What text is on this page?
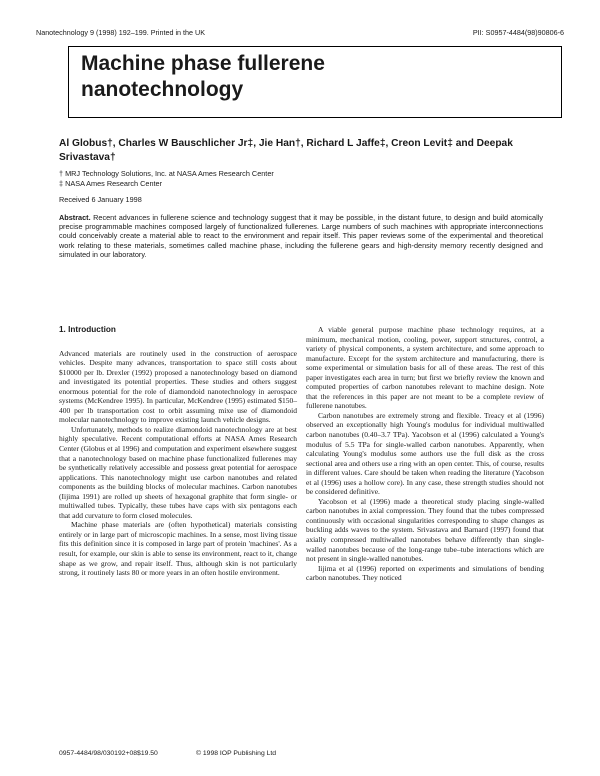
Nanotechnology 9 (1998) 192–199. Printed in the UK	PII: S0957-4484(98)90806-6
Machine phase fullerene
nanotechnology
Al Globus†, Charles W Bauschlicher Jr‡, Jie Han†, Richard L Jaffe‡, Creon Levit‡ and Deepak Srivastava†
† MRJ Technology Solutions, Inc. at NASA Ames Research Center
‡ NASA Ames Research Center
Received 6 January 1998
Abstract. Recent advances in fullerene science and technology suggest that it may be possible, in the distant future, to design and build atomically precise programmable machines composed largely of functionalized fullerenes. Large numbers of such machines with appropriate interconnections could conceivably create a material able to react to the environment and repair itself. This paper reviews some of the experimental and theoretical work relating to these materials, sometimes called machine phase, including the fullerene gears and high-density memory recently designed and simulated in our laboratory.
1. Introduction

Advanced materials are routinely used in the construction of aerospace vehicles. Despite many advances, transportation to space still costs about $10000 per lb. Drexler (1992) proposed a nanotechnology based on diamond and investigated its potential properties. These studies and others suggest enormous potential for the role of diamondoid nanotechnology in aerospace systems (McKendree 1995). In particular, McKendree (1995) estimated $150–400 per lb transportation cost to orbit assuming mixe use of diamondoid molecular nanotechnology to improve existing launch vehicle designs.

Unfortunately, methods to realize diamondoid nanotechnology are at best highly speculative. Recent computational efforts at NASA Ames Research Center (Globus et al 1996) and computation and experiment elsewhere suggest that a nanotechnology based on machine phase functionalized fullerenes may be synthetically relatively accessible and possess great potential for aerospace applications. This nanotechnology might use carbon nanotubes and related components as the building blocks of molecular machines. Carbon nanotubes (Iijima 1991) are rolled up sheets of hexagonal graphite that form single- or multiwalled tubes. Typically, these tubes have caps with six pentagons each that add curvature to form closed molecules.

Machine phase materials are (often hypothetical) materials consisting entirely or in large part of microscopic machines. In a sense, most living tissue fits this definition since it is composed in large part of protein 'machines'. As a result, for example, our skin is able to sense its environment, react to it, change shape as we grow, and repair itself. Thus, although skin is not particularly strong, it routinely lasts 80 or more years in an often hostile environment.

A viable general purpose machine phase technology requires, at a minimum, mechanical motion, cooling, power, support structures, control, a variety of physical components, a system architecture, and some approach to manufacture. Except for the system architecture and manufacturing, there is some experimental or simulation basis for all of these areas. The rest of this paper investigates each area in turn; but first we briefly review the known and computed properties of carbon nanotubes relevant to machine design. Note that the references in this paper are not meant to be a complete review of fullerene nanotubes.

Carbon nanotubes are extremely strong and flexible. Treacy et al (1996) observed an exceptionally high Young's modulus for individual multiwalled carbon nanotubes (0.40–3.7 TPa). Yacobson et al (1996) calculated a Young's modulus of 5.5 TPa for single-walled carbon nanotubes. Apparently, when calculating Young's modulus some authors use the full disk as the cross sectional area and others use a ring with an open center. This, of course, results in different values. Care should be taken when reading the literature (Yacobson et al (1996) uses a hollow core). In any case, these strength studies should not be considered definitive.

Yacobson et al (1996) made a theoretical study placing single-walled carbon nanotubes in axial compression. They found that the tubes compressed continuously with occasional singularities corresponding to shape changes as buckling adds waves to the system. Srivastava and Barnard (1997) found that axially compressed multiwalled nanotubes behave differently than single-walled nanotubes because of the long-range tube–tube interactions which are not present in single-walled nanotubes.

Iijima et al (1996) reported on experiments and simulations of bending carbon nanotubes. They noticed

0957-4484/98/030192+08$19.50	© 1998 IOP Publishing Ltd
